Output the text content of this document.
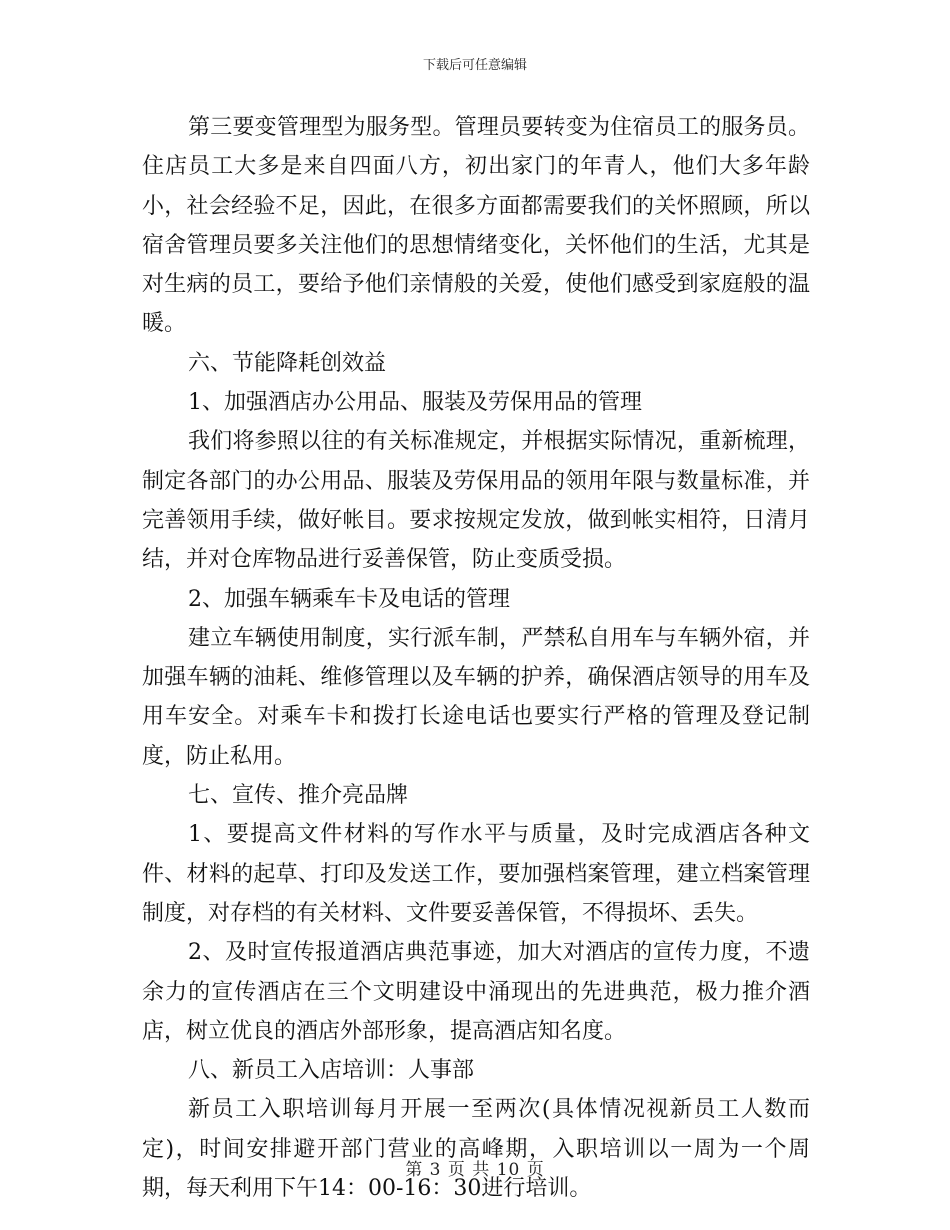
下载后可任意编辑

第三要变管理型为服务型。管理员要转变为住宿员工的服务员。住店员工大多是来自四面八方，初出家门的年青人，他们大多年龄小，社会经验不足，因此，在很多方面都需要我们的关怀照顾，所以宿舍管理员要多关注他们的思想情绪变化，关怀他们的生活，尤其是对生病的员工，要给予他们亲情般的关爱，使他们感受到家庭般的温暖。

六、节能降耗创效益

1、加强酒店办公用品、服装及劳保用品的管理

我们将参照以往的有关标准规定，并根据实际情况，重新梳理，制定各部门的办公用品、服装及劳保用品的领用年限与数量标准，并完善领用手续，做好帐目。要求按规定发放，做到帐实相符，日清月结，并对仓库物品进行妥善保管，防止变质受损。

2、加强车辆乘车卡及电话的管理

建立车辆使用制度，实行派车制，严禁私自用车与车辆外宿，并加强车辆的油耗、维修管理以及车辆的护养，确保酒店领导的用车及用车安全。对乘车卡和拨打长途电话也要实行严格的管理及登记制度，防止私用。

七、宣传、推介亮品牌

1、要提高文件材料的写作水平与质量，及时完成酒店各种文件、材料的起草、打印及发送工作，要加强档案管理，建立档案管理制度，对存档的有关材料、文件要妥善保管，不得损坏、丢失。

2、及时宣传报道酒店典范事迹，加大对酒店的宣传力度，不遗余力的宣传酒店在三个文明建设中涌现出的先进典范，极力推介酒店，树立优良的酒店外部形象，提高酒店知名度。

八、新员工入店培训：人事部

新员工入职培训每月开展一至两次(具体情况视新员工人数而定)，时间安排避开部门营业的高峰期，入职培训以一周为一个周期，每天利用下午14：00-16：30进行培训。

第 3 页 共 10 页
